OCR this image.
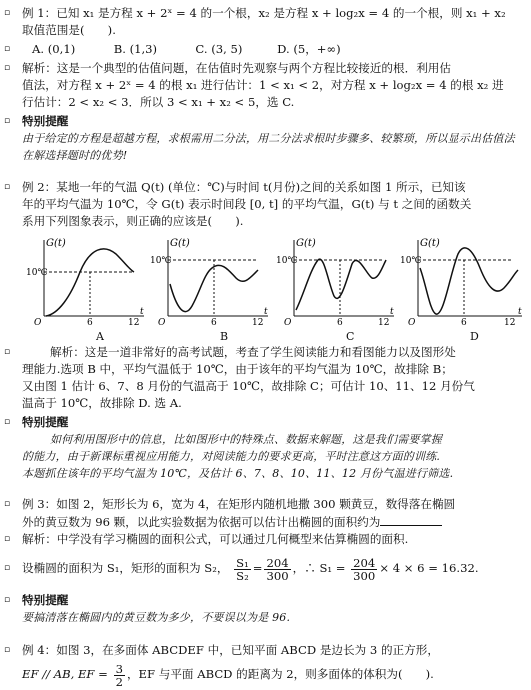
▫ 例 1：已知 x₁ 是方程 x + 2ˣ = 4 的一个根，x₂ 是方程 x + log₂x = 4 的一个根，则 x₁ + x₂
取值范围是(　　).
▫	A. (0,1)	B. (1,3)	C. (3, 5)	D. (5，+∞)
▫ 解析：这是一个典型的估值问题，在估值时先观察与两个方程比较接近的根．利用估
值法，对方程 x + 2ˣ = 4 的根 x₁ 进行估计：1 < x₁ < 2，对方程 x + log₂x = 4 的根 x₂ 进
行估计：2 < x₂ < 3．所以 3 < x₁ + x₂ < 5，选 C.
▫ 特别提醒
由于给定的方程是超越方程，求根需用二分法，用二分法求根时步骤多、较繁琐，所以显示出估值法在解选择题时的优势!
▫ 例 2：某地一年的气温 Q(t) (单位：℃)与时间 t(月份)之间的关系如图 1 所示，已知该
年的平均气温为 10℃，令 G(t) 表示时间段 [0, t] 的平均气温，G(t) 与 t 之间的函数关
系用下列图象表示，则正确的应该是(　　).
G(t)
10℃
O	6	12
t
G(t)
10℃
O	6	12
t
G(t)
10℃
O	6	12
t
G(t)
10℃
O	6	12
t
A	B	C	D
▫	解析：这是一道非常好的高考试题，考查了学生阅读能力和看图能力以及图形处
理能力.选项 B 中，平均气温低于 10℃，由于该年的平均气温为 10℃，故排除 B；
又由图 1 估计 6、7、8 月份的气温高于 10℃，故排除 C；可估计 10、11、12 月份气
温高于 10℃，故排除 D. 选 A.
▫ 特别提醒
如何利用图形中的信息，比如图形中的特殊点、数据来解题，这是我们需要掌握
的能力，由于新课标重视应用能力，对阅读能力的要求更高，平时注意这方面的训练.
本题抓住该年的平均气温为 10℃，及估计 6、7、8、10、11、12 月份气温进行筛选.
▫ 例 3：如图 2，矩形长为 6，宽为 4，在矩形内随机地撒 300 颗黄豆，数得落在椭圆
外的黄豆数为 96 颗，以此实验数据为依据可以估计出椭圆的面积约为
▫ 解析：中学没有学习椭圆的面积公式，可以通过几何概型来估算椭圆的面积.
▫ 设椭圆的面积为 S₁，矩形的面积为 S₂， $\frac{\text{S₁}}{\text{S₂}} = \frac{204}{300}$ ，∴ $S_1 = \frac{204}{300} \times 4 \times 6 = 16.32$.
▫ 特别提醒
要搞清落在椭圆内的黄豆数为多少，不要误以为是 96.
▫ 例 4：如图 3，在多面体 ABCDEF 中，已知平面 ABCD 是边长为 3 的正方形，
EF // AB, EF = $\frac{3}{2}$ ，EF 与平面 ABCD 的距离为 2，则多面体的体积为(　　).
